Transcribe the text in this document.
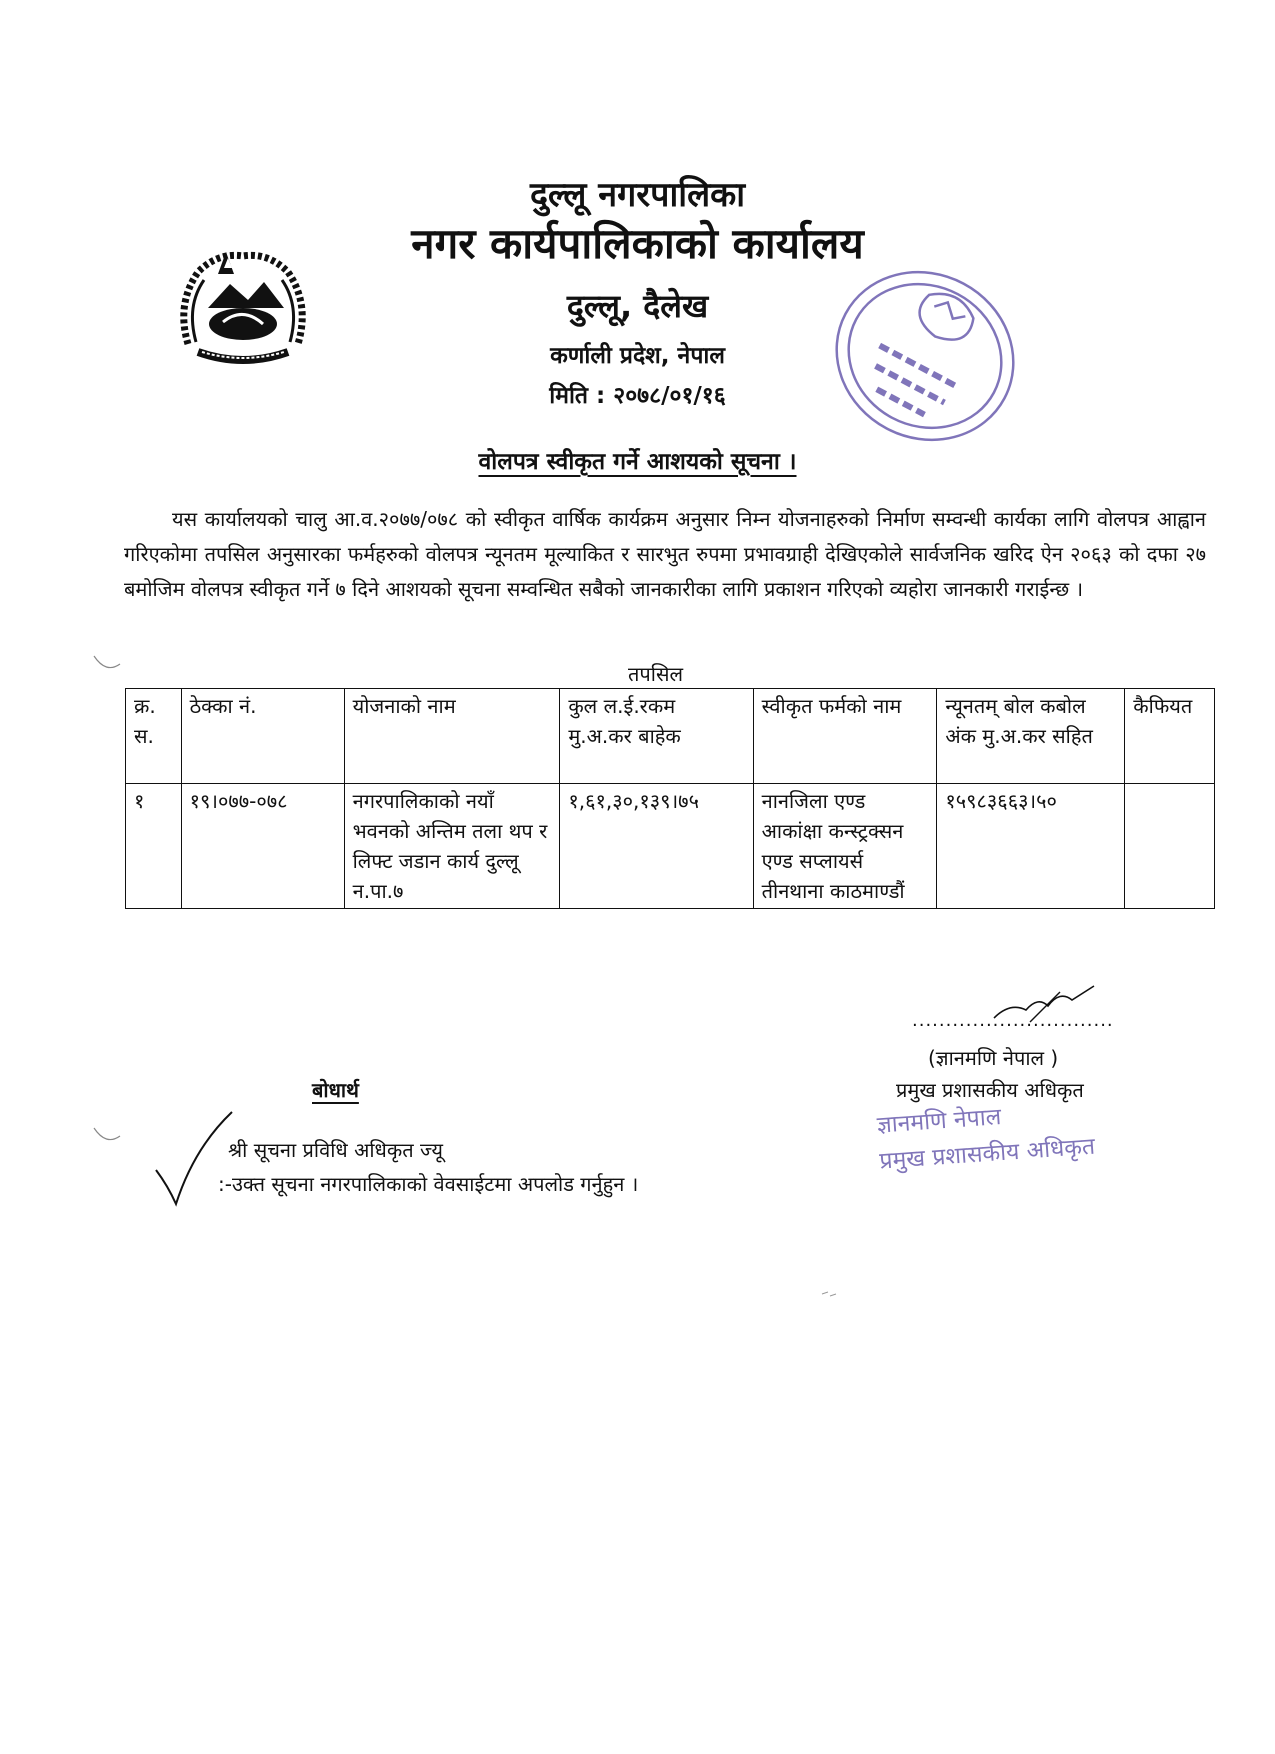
दुल्लू नगरपालिका
नगर कार्यपालिकाको कार्यालय
दुल्लू, दैलेख
कर्णाली प्रदेश, नेपाल
मिति : २०७८/०१/१६
वोलपत्र स्वीकृत गर्ने आशयको सूचना ।
यस कार्यालयको चालु आ.व.२०७७/०७८ को स्वीकृत वार्षिक कार्यक्रम अनुसार निम्न योजनाहरुको निर्माण सम्वन्धी कार्यका लागि वोलपत्र आह्वान गरिएकोमा तपसिल अनुसारका फर्महरुको वोलपत्र न्यूनतम मूल्याकित र सारभुत रुपमा प्रभावग्राही देखिएकोले सार्वजनिक खरिद ऐन २०६३ को दफा २७ बमोजिम वोलपत्र स्वीकृत गर्ने ७ दिने आशयको सूचना सम्वन्धित सबैको जानकारीका लागि प्रकाशन गरिएको व्यहोरा जानकारी गराईन्छ ।
तपसिल
क्र. स.	ठेक्का नं.	योजनाको नाम	कुल ल.ई.रकम मु.अ.कर बाहेक	स्वीकृत फर्मको नाम	न्यूनतम् बोल कबोल अंक मु.अ.कर सहित	कैफियत
१	१९।०७७-०७८	नगरपालिकाको नयाँ भवनको अन्तिम तला थप र लिफ्ट जडान कार्य दुल्लू न.पा.७	१,६१,३०,१३९।७५	नानजिला एण्ड आकांक्षा कन्स्ट्रक्सन एण्ड सप्लायर्स तीनथाना काठमाण्डौं	१५९८३६६३।५०	
..............................
(ज्ञानमणि नेपाल )
प्रमुख प्रशासकीय अधिकृत
ज्ञानमणि नेपाल
प्रमुख प्रशासकीय अधिकृत
बोधार्थ
श्री सूचना प्रविधि अधिकृत ज्यू
:-उक्त सूचना नगरपालिकाको वेवसाईटमा अपलोड गर्नुहुन ।
